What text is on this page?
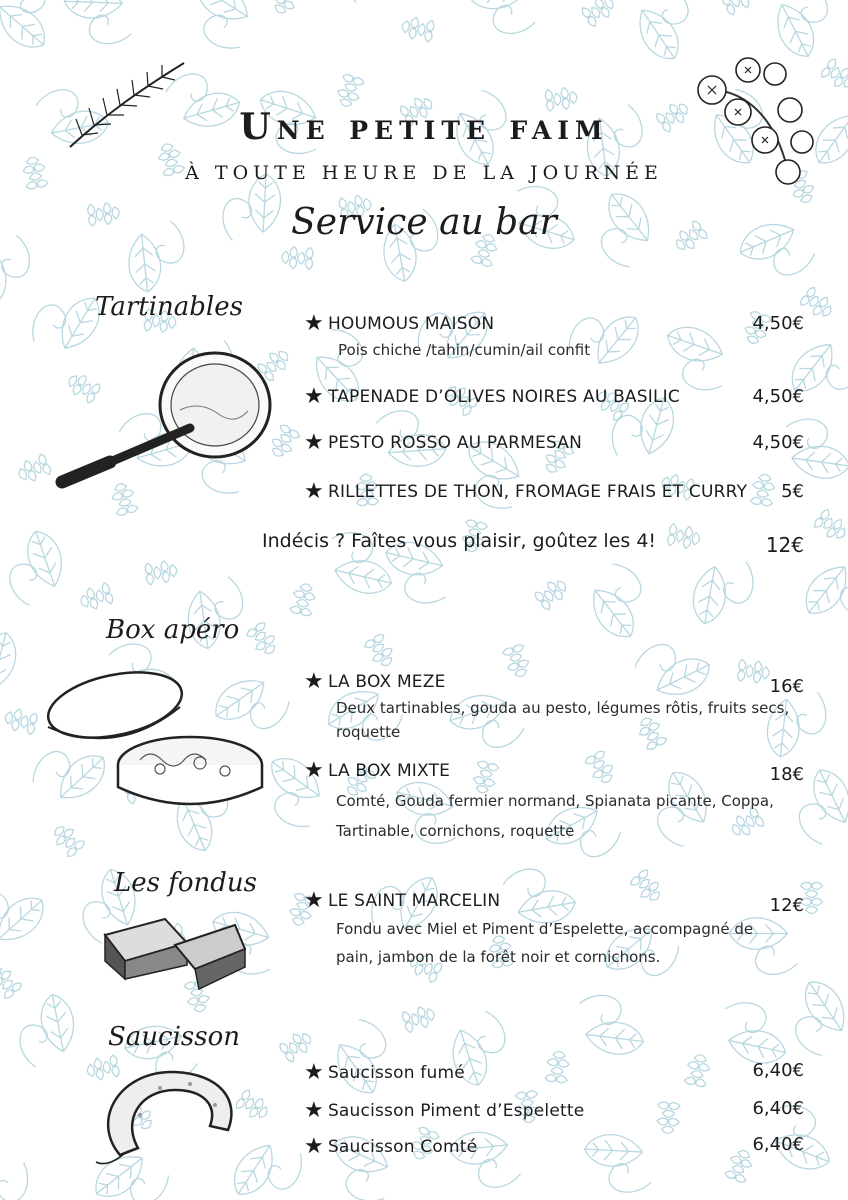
Une petite faim
À TOUTE HEURE DE LA JOURNÉE
Service au bar
Tartinables
★ HOUMOUS MAISON
Pois chiche /tahin/cumin/ail confit
4,50€
★ TAPENADE D’OLIVES NOIRES AU BASILIC	4,50€
★ PESTO ROSSO AU PARMESAN	4,50€
★ RILLETTES DE THON, FROMAGE FRAIS ET CURRY	5€
Indécis ? Faîtes vous plaisir, goûtez les 4!	12€
Box apéro
★ LA BOX MEZE
Deux tartinables, gouda au pesto, légumes rôtis, fruits secs,
roquette
16€
★ LA BOX MIXTE
Comté, Gouda fermier normand, Spianata picante, Coppa,
Tartinable, cornichons, roquette
18€
Les fondus
★ LE SAINT MARCELIN
Fondu avec Miel et Piment d’Espelette, accompagné de
pain, jambon de la forêt noir et cornichons.
12€
Saucisson
★ Saucisson fumé	6,40€
★ Saucisson Piment d’Espelette	6,40€
★ Saucisson Comté	6,40€
